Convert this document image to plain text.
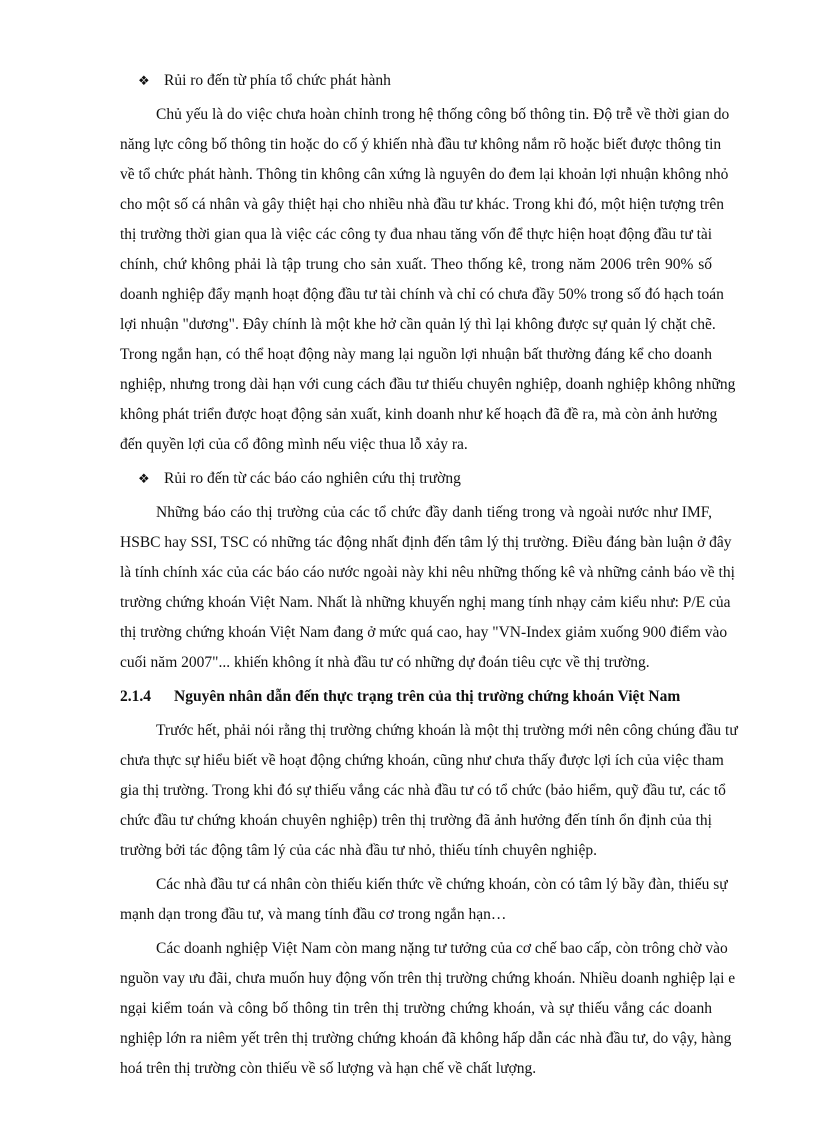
❖ Rủi ro đến từ phía tổ chức phát hành
Chủ yếu là do việc chưa hoàn chỉnh trong hệ thống công bố thông tin. Độ trễ về thời gian do
năng lực công bố thông tin hoặc do cố ý khiến nhà đầu tư không nắm rõ hoặc biết được thông tin
về tổ chức phát hành. Thông tin không cân xứng là nguyên do đem lại khoản lợi nhuận không nhỏ
cho một số cá nhân và gây thiệt hại cho nhiều nhà đầu tư khác. Trong khi đó, một hiện tượng trên
thị trường thời gian qua là việc các công ty đua nhau tăng vốn để thực hiện hoạt động đầu tư tài
chính, chứ không phải là tập trung cho sản xuất. Theo thống kê, trong năm 2006 trên 90% số
doanh nghiệp đẩy mạnh hoạt động đầu tư tài chính và chỉ có chưa đầy 50% trong số đó hạch toán
lợi nhuận "dương". Đây chính là một khe hở cần quản lý thì lại không được sự quản lý chặt chẽ.
Trong ngắn hạn, có thể hoạt động này mang lại nguồn lợi nhuận bất thường đáng kể cho doanh
nghiệp, nhưng trong dài hạn với cung cách đầu tư thiếu chuyên nghiệp, doanh nghiệp không những
không phát triển được hoạt động sản xuất, kinh doanh như kế hoạch đã đề ra, mà còn ảnh hưởng
đến quyền lợi của cổ đông mình nếu việc thua lỗ xảy ra.
❖ Rủi ro đến từ các báo cáo nghiên cứu thị trường
Những báo cáo thị trường của các tổ chức đầy danh tiếng trong và ngoài nước như IMF,
HSBC hay SSI, TSC có những tác động nhất định đến tâm lý thị trường. Điều đáng bàn luận ở đây
là tính chính xác của các báo cáo nước ngoài này khi nêu những thống kê và những cảnh báo về thị
trường chứng khoán Việt Nam. Nhất là những khuyến nghị mang tính nhạy cảm kiểu như: P/E của
thị trường chứng khoán Việt Nam đang ở mức quá cao, hay "VN-Index giảm xuống 900 điểm vào
cuối năm 2007"... khiến không ít nhà đầu tư có những dự đoán tiêu cực về thị trường.
2.1.4 Nguyên nhân dẫn đến thực trạng trên của thị trường chứng khoán Việt Nam
Trước hết, phải nói rằng thị trường chứng khoán là một thị trường mới nên công chúng đầu tư
chưa thực sự hiểu biết về hoạt động chứng khoán, cũng như chưa thấy được lợi ích của việc tham
gia thị trường. Trong khi đó sự thiếu vắng các nhà đầu tư có tổ chức (bảo hiểm, quỹ đầu tư, các tổ
chức đầu tư chứng khoán chuyên nghiệp) trên thị trường đã ảnh hưởng đến tính ổn định của thị
trường bởi tác động tâm lý của các nhà đầu tư nhỏ, thiếu tính chuyên nghiệp.
Các nhà đầu tư cá nhân còn thiếu kiến thức về chứng khoán, còn có tâm lý bầy đàn, thiếu sự
mạnh dạn trong đầu tư, và mang tính đầu cơ trong ngắn hạn…
Các doanh nghiệp Việt Nam còn mang nặng tư tưởng của cơ chế bao cấp, còn trông chờ vào
nguồn vay ưu đãi, chưa muốn huy động vốn trên thị trường chứng khoán. Nhiều doanh nghiệp lại e
ngại kiểm toán và công bố thông tin trên thị trường chứng khoán, và sự thiếu vắng các doanh
nghiệp lớn ra niêm yết trên thị trường chứng khoán đã không hấp dẫn các nhà đầu tư, do vậy, hàng
hoá trên thị trường còn thiếu về số lượng và hạn chế về chất lượng.
